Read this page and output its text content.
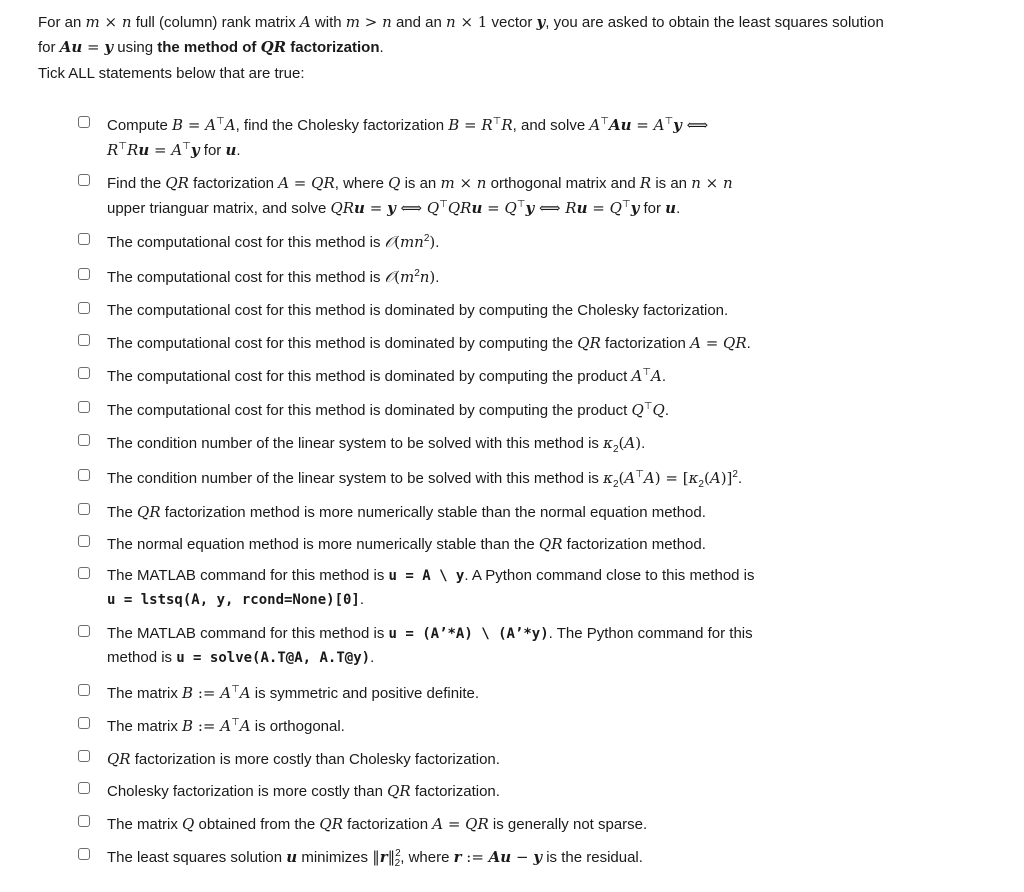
For an m × n full (column) rank matrix A with m > n and an n × 1 vector y, you are asked to obtain the least squares solution

for Au = y using the method of QR factorization.

Tick ALL statements below that are true:

Compute B = A⊤A, find the Cholesky factorization B = R⊤R, and solve A⊤Au = A⊤y ⟺
R⊤Ru = A⊤y for u.
Find the QR factorization A = QR, where Q is an m × n orthogonal matrix and R is an n × n
upper trianguar matrix, and solve QRu = y ⟺ Q⊤QRu = Q⊤y ⟺ Ru = Q⊤y for u.
The computational cost for this method is $𝒪(mn^2)$.
The computational cost for this method is $𝒪(m^2n)$.
The computational cost for this method is dominated by computing the Cholesky factorization.
The computational cost for this method is dominated by computing the QR factorization A = QR.
The computational cost for this method is dominated by computing the product A⊤A.
The computational cost for this method is dominated by computing the product Q⊤Q.
The condition number of the linear system to be solved with this method is $\kappa_2(A)$.
The condition number of the linear system to be solved with this method is $\kappa_2(A^⊤A) = [\kappa_2(A)]^2$.
The QR factorization method is more numerically stable than the normal equation method.
The normal equation method is more numerically stable than the QR factorization method.
The MATLAB command for this method is u = A \ y. A Python command close to this method is
u = lstsq(A, y, rcond=None)[0].
The MATLAB command for this method is u = (A’*A) \ (A’*y). The Python command for this
method is u = solve(A.T@A, A.T@y).
The matrix B := A⊤A is symmetric and positive definite.
The matrix B := A⊤A is orthogonal.
QR factorization is more costly than Cholesky factorization.
Cholesky factorization is more costly than QR factorization.
The matrix Q obtained from the QR factorization A = QR is generally not sparse.
The least squares solution u minimizes ‖r‖$^2_2$, where r := Au − y is the residual.
